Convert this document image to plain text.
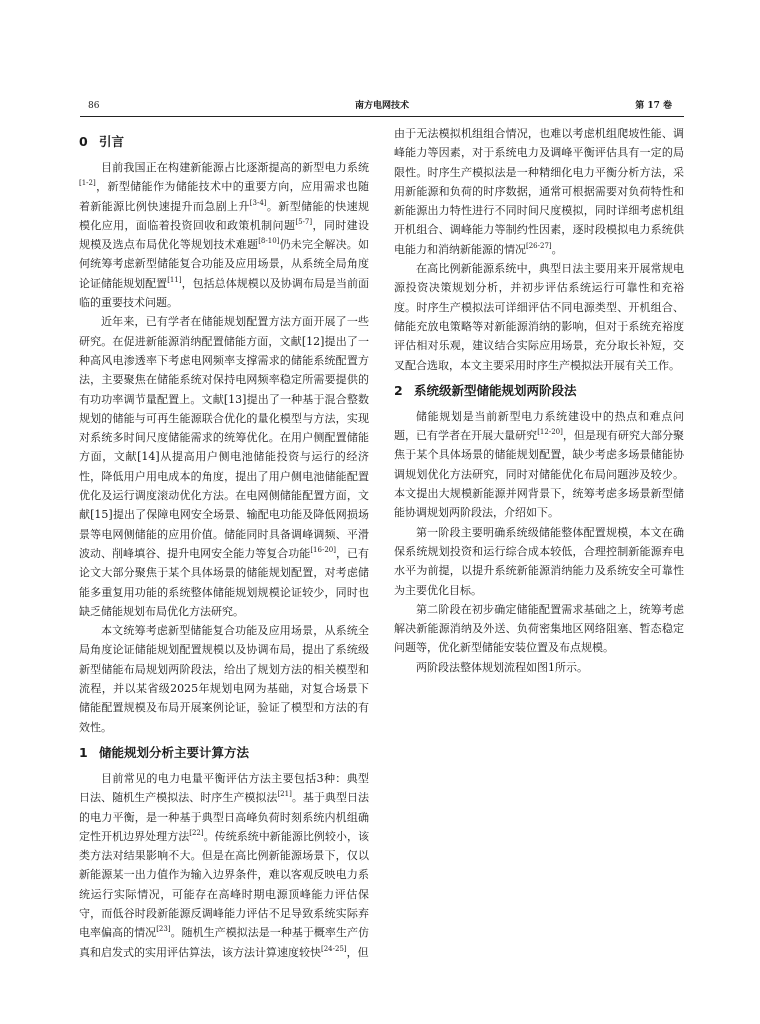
86	南方电网技术	第 17 卷
0 引言

目前我国正在构建新能源占比逐渐提高的新型电力系统[1-2]，新型储能作为储能技术中的重要方向，应用需求也随着新能源比例快速提升而急剧上升[3-4]。新型储能的快速规模化应用，面临着投资回收和政策机制问题[5-7]，同时建设规模及选点布局优化等规划技术难题[8-10]仍未完全解决。如何统筹考虑新型储能复合功能及应用场景，从系统全局角度论证储能规划配置[11]，包括总体规模以及协调布局是当前面临的重要技术问题。

近年来，已有学者在储能规划配置方法方面开展了一些研究。在促进新能源消纳配置储能方面，文献[12]提出了一种高风电渗透率下考虑电网频率支撑需求的储能系统配置方法，主要聚焦在储能系统对保持电网频率稳定所需要提供的有功功率调节量配置上。文献[13]提出了一种基于混合整数规划的储能与可再生能源联合优化的量化模型与方法，实现对系统多时间尺度储能需求的统筹优化。在用户侧配置储能方面，文献[14]从提高用户侧电池储能投资与运行的经济性，降低用户用电成本的角度，提出了用户侧电池储能配置优化及运行调度滚动优化方法。在电网侧储能配置方面，文献[15]提出了保障电网安全场景、输配电功能及降低网损场景等电网侧储能的应用价值。储能同时具备调峰调频、平滑波动、削峰填谷、提升电网安全能力等复合功能[16-20]，已有论文大部分聚焦于某个具体场景的储能规划配置，对考虑储能多重复用功能的系统整体储能规划规模论证较少，同时也缺乏储能规划布局优化方法研究。

本文统筹考虑新型储能复合功能及应用场景，从系统全局角度论证储能规划配置规模以及协调布局，提出了系统级新型储能布局规划两阶段法，给出了规划方法的相关模型和流程，并以某省级2025年规划电网为基础，对复合场景下储能配置规模及布局开展案例论证，验证了模型和方法的有效性。

1 储能规划分析主要计算方法

目前常见的电力电量平衡评估方法主要包括3种：典型日法、随机生产模拟法、时序生产模拟法[21]。基于典型日法的电力平衡，是一种基于典型日高峰负荷时刻系统内机组确定性开机边界处理方法[22]。传统系统中新能源比例较小，该类方法对结果影响不大。但是在高比例新能源场景下，仅以新能源某一出力值作为输入边界条件，难以客观反映电力系统运行实际情况，可能存在高峰时期电源顶峰能力评估保守，而低谷时段新能源反调峰能力评估不足导致系统实际弃电率偏高的情况[23]。随机生产模拟法是一种基于概率生产仿真和启发式的实用评估算法，该方法计算速度较快[24-25]，但

由于无法模拟机组组合情况，也难以考虑机组爬坡性能、调峰能力等因素，对于系统电力及调峰平衡评估具有一定的局限性。时序生产模拟法是一种精细化电力平衡分析方法，采用新能源和负荷的时序数据，通常可根据需要对负荷特性和新能源出力特性进行不同时间尺度模拟，同时详细考虑机组开机组合、调峰能力等制约性因素，逐时段模拟电力系统供电能力和消纳新能源的情况[26-27]。

在高比例新能源系统中，典型日法主要用来开展常规电源投资决策规划分析，并初步评估系统运行可靠性和充裕度。时序生产模拟法可详细评估不同电源类型、开机组合、储能充放电策略等对新能源消纳的影响，但对于系统充裕度评估相对乐观，建议结合实际应用场景，充分取长补短，交叉配合选取，本文主要采用时序生产模拟法开展有关工作。

2 系统级新型储能规划两阶段法

储能规划是当前新型电力系统建设中的热点和难点问题，已有学者在开展大量研究[12-20]，但是现有研究大部分聚焦于某个具体场景的储能规划配置，缺少考虑多场景储能协调规划优化方法研究，同时对储能优化布局问题涉及较少。本文提出大规模新能源并网背景下，统筹考虑多场景新型储能协调规划两阶段法，介绍如下。

第一阶段主要明确系统级储能整体配置规模，本文在确保系统规划投资和运行综合成本较低，合理控制新能源弃电水平为前提，以提升系统新能源消纳能力及系统安全可靠性为主要优化目标。

第二阶段在初步确定储能配置需求基础之上，统筹考虑解决新能源消纳及外送、负荷密集地区网络阻塞、暂态稳定问题等，优化新型储能安装位置及布点规模。

两阶段法整体规划流程如图1所示。
